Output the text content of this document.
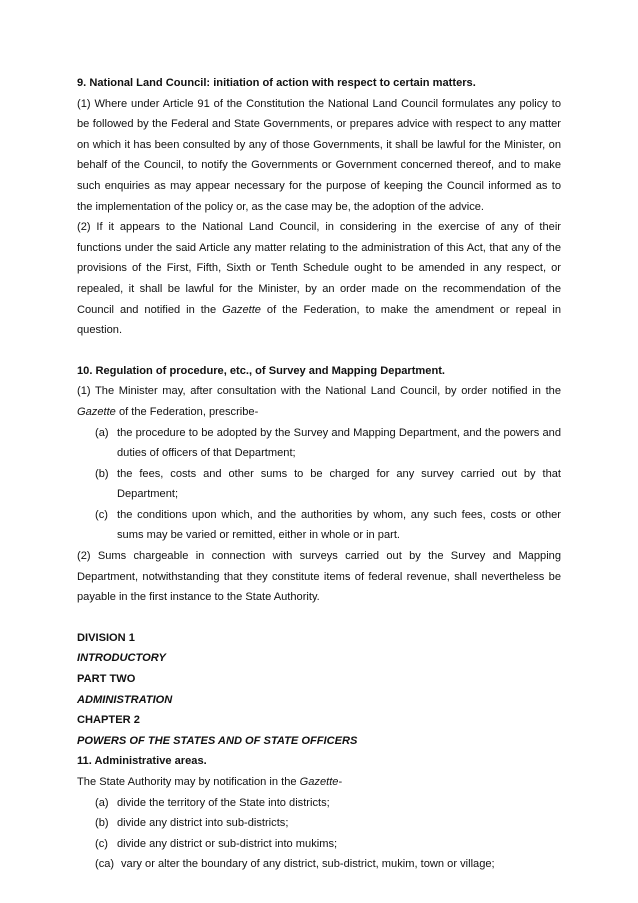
9. National Land Council: initiation of action with respect to certain matters.

(1) Where under Article 91 of the Constitution the National Land Council formulates any policy to be followed by the Federal and State Governments, or prepares advice with respect to any matter on which it has been consulted by any of those Governments, it shall be lawful for the Minister, on behalf of the Council, to notify the Governments or Government concerned thereof, and to make such enquiries as may appear necessary for the purpose of keeping the Council informed as to the implementation of the policy or, as the case may be, the adoption of the advice.

(2) If it appears to the National Land Council, in considering in the exercise of any of their functions under the said Article any matter relating to the administration of this Act, that any of the provisions of the First, Fifth, Sixth or Tenth Schedule ought to be amended in any respect, or repealed, it shall be lawful for the Minister, by an order made on the recommendation of the Council and notified in the Gazette of the Federation, to make the amendment or repeal in question.

10. Regulation of procedure, etc., of Survey and Mapping Department.

(1) The Minister may, after consultation with the National Land Council, by order notified in the Gazette of the Federation, prescribe-

(a) the procedure to be adopted by the Survey and Mapping Department, and the powers and duties of officers of that Department;
(b) the fees, costs and other sums to be charged for any survey carried out by that Department;
(c) the conditions upon which, and the authorities by whom, any such fees, costs or other sums may be varied or remitted, either in whole or in part.

(2) Sums chargeable in connection with surveys carried out by the Survey and Mapping Department, notwithstanding that they constitute items of federal revenue, shall nevertheless be payable in the first instance to the State Authority.

DIVISION 1

INTRODUCTORY

PART TWO

ADMINISTRATION

CHAPTER 2

POWERS OF THE STATES AND OF STATE OFFICERS

11. Administrative areas.

The State Authority may by notification in the Gazette-

(a) divide the territory of the State into districts;
(b) divide any district into sub-districts;
(c) divide any district or sub-district into mukims;
(ca) vary or alter the boundary of any district, sub-district, mukim, town or village;
